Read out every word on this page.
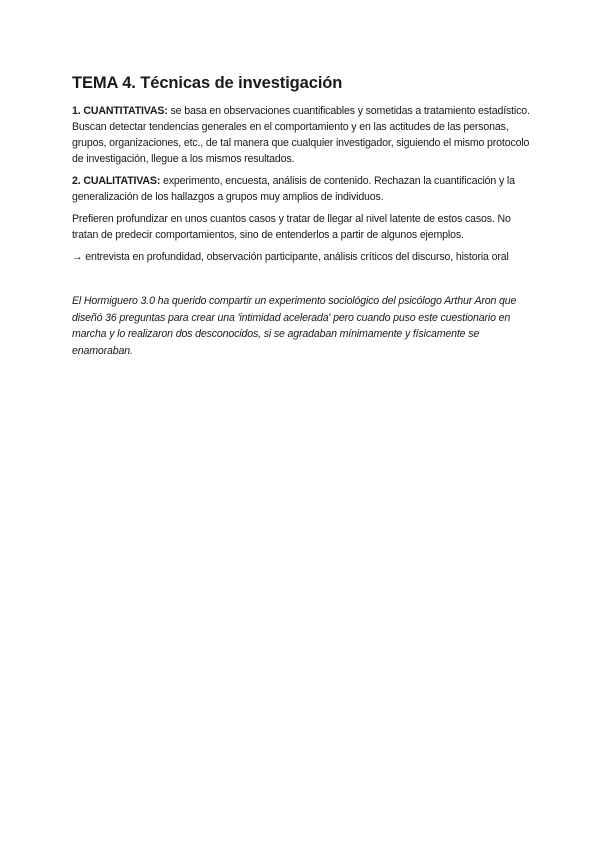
TEMA 4. Técnicas de investigación

1. CUANTITATIVAS: se basa en observaciones cuantificables y sometidas a tratamiento estadístico. Buscan detectar tendencias generales en el comportamiento y en las actitudes de las personas, grupos, organizaciones, etc., de tal manera que cualquier investigador, siguiendo el mismo protocolo de investigación, llegue a los mismos resultados.

2. CUALITATIVAS: experimento, encuesta, análisis de contenido. Rechazan la cuantificación y la generalización de los hallazgos a grupos muy amplios de individuos.

Prefieren profundizar en unos cuantos casos y tratar de llegar al nivel latente de estos casos. No tratan de predecir comportamientos, sino de entenderlos a partir de algunos ejemplos.

→ entrevista en profundidad, observación participante, análisis críticos del discurso, historia oral

El Hormiguero 3.0 ha querido compartir un experimento sociológico del psicólogo Arthur Aron que diseñó 36 preguntas para crear una 'intimidad acelerada' pero cuando puso este cuestionario en marcha y lo realizaron dos desconocidos, si se agradaban mínimamente y físicamente se enamoraban.
